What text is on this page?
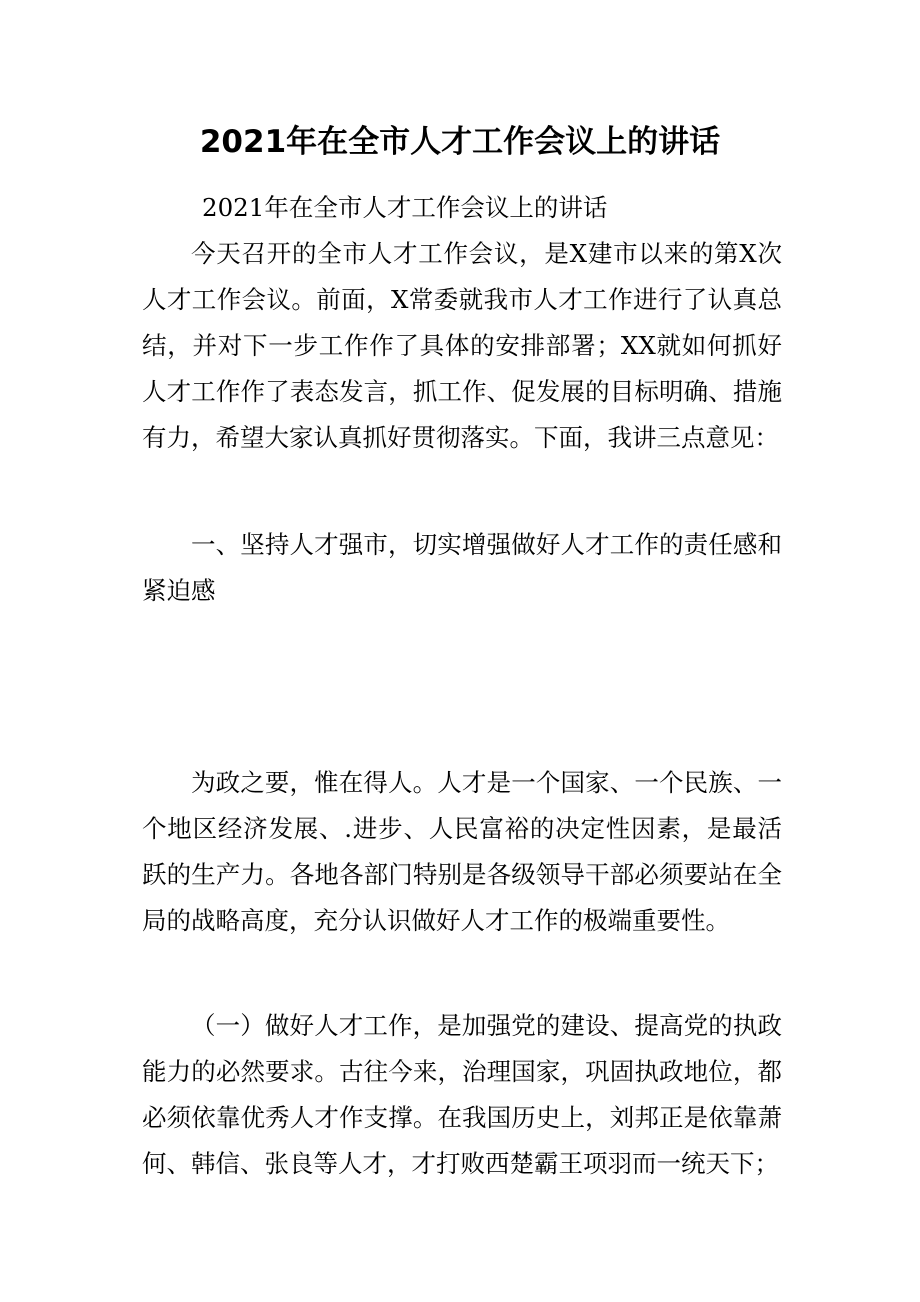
2021年在全市人才工作会议上的讲话

2021年在全市人才工作会议上的讲话

今天召开的全市人才工作会议，是X建市以来的第X次人才工作会议。前面，X常委就我市人才工作进行了认真总结，并对下一步工作作了具体的安排部署；XX就如何抓好人才工作作了表态发言，抓工作、促发展的目标明确、措施有力，希望大家认真抓好贯彻落实。下面，我讲三点意见：

一、坚持人才强市，切实增强做好人才工作的责任感和紧迫感

为政之要，惟在得人。人才是一个国家、一个民族、一个地区经济发展、.进步、人民富裕的决定性因素，是最活跃的生产力。各地各部门特别是各级领导干部必须要站在全局的战略高度，充分认识做好人才工作的极端重要性。

（一）做好人才工作，是加强党的建设、提高党的执政能力的必然要求。古往今来，治理国家，巩固执政地位，都必须依靠优秀人才作支撑。在我国历史上，刘邦正是依靠萧何、韩信、张良等人才，才打败西楚霸王项羽而一统天下；
